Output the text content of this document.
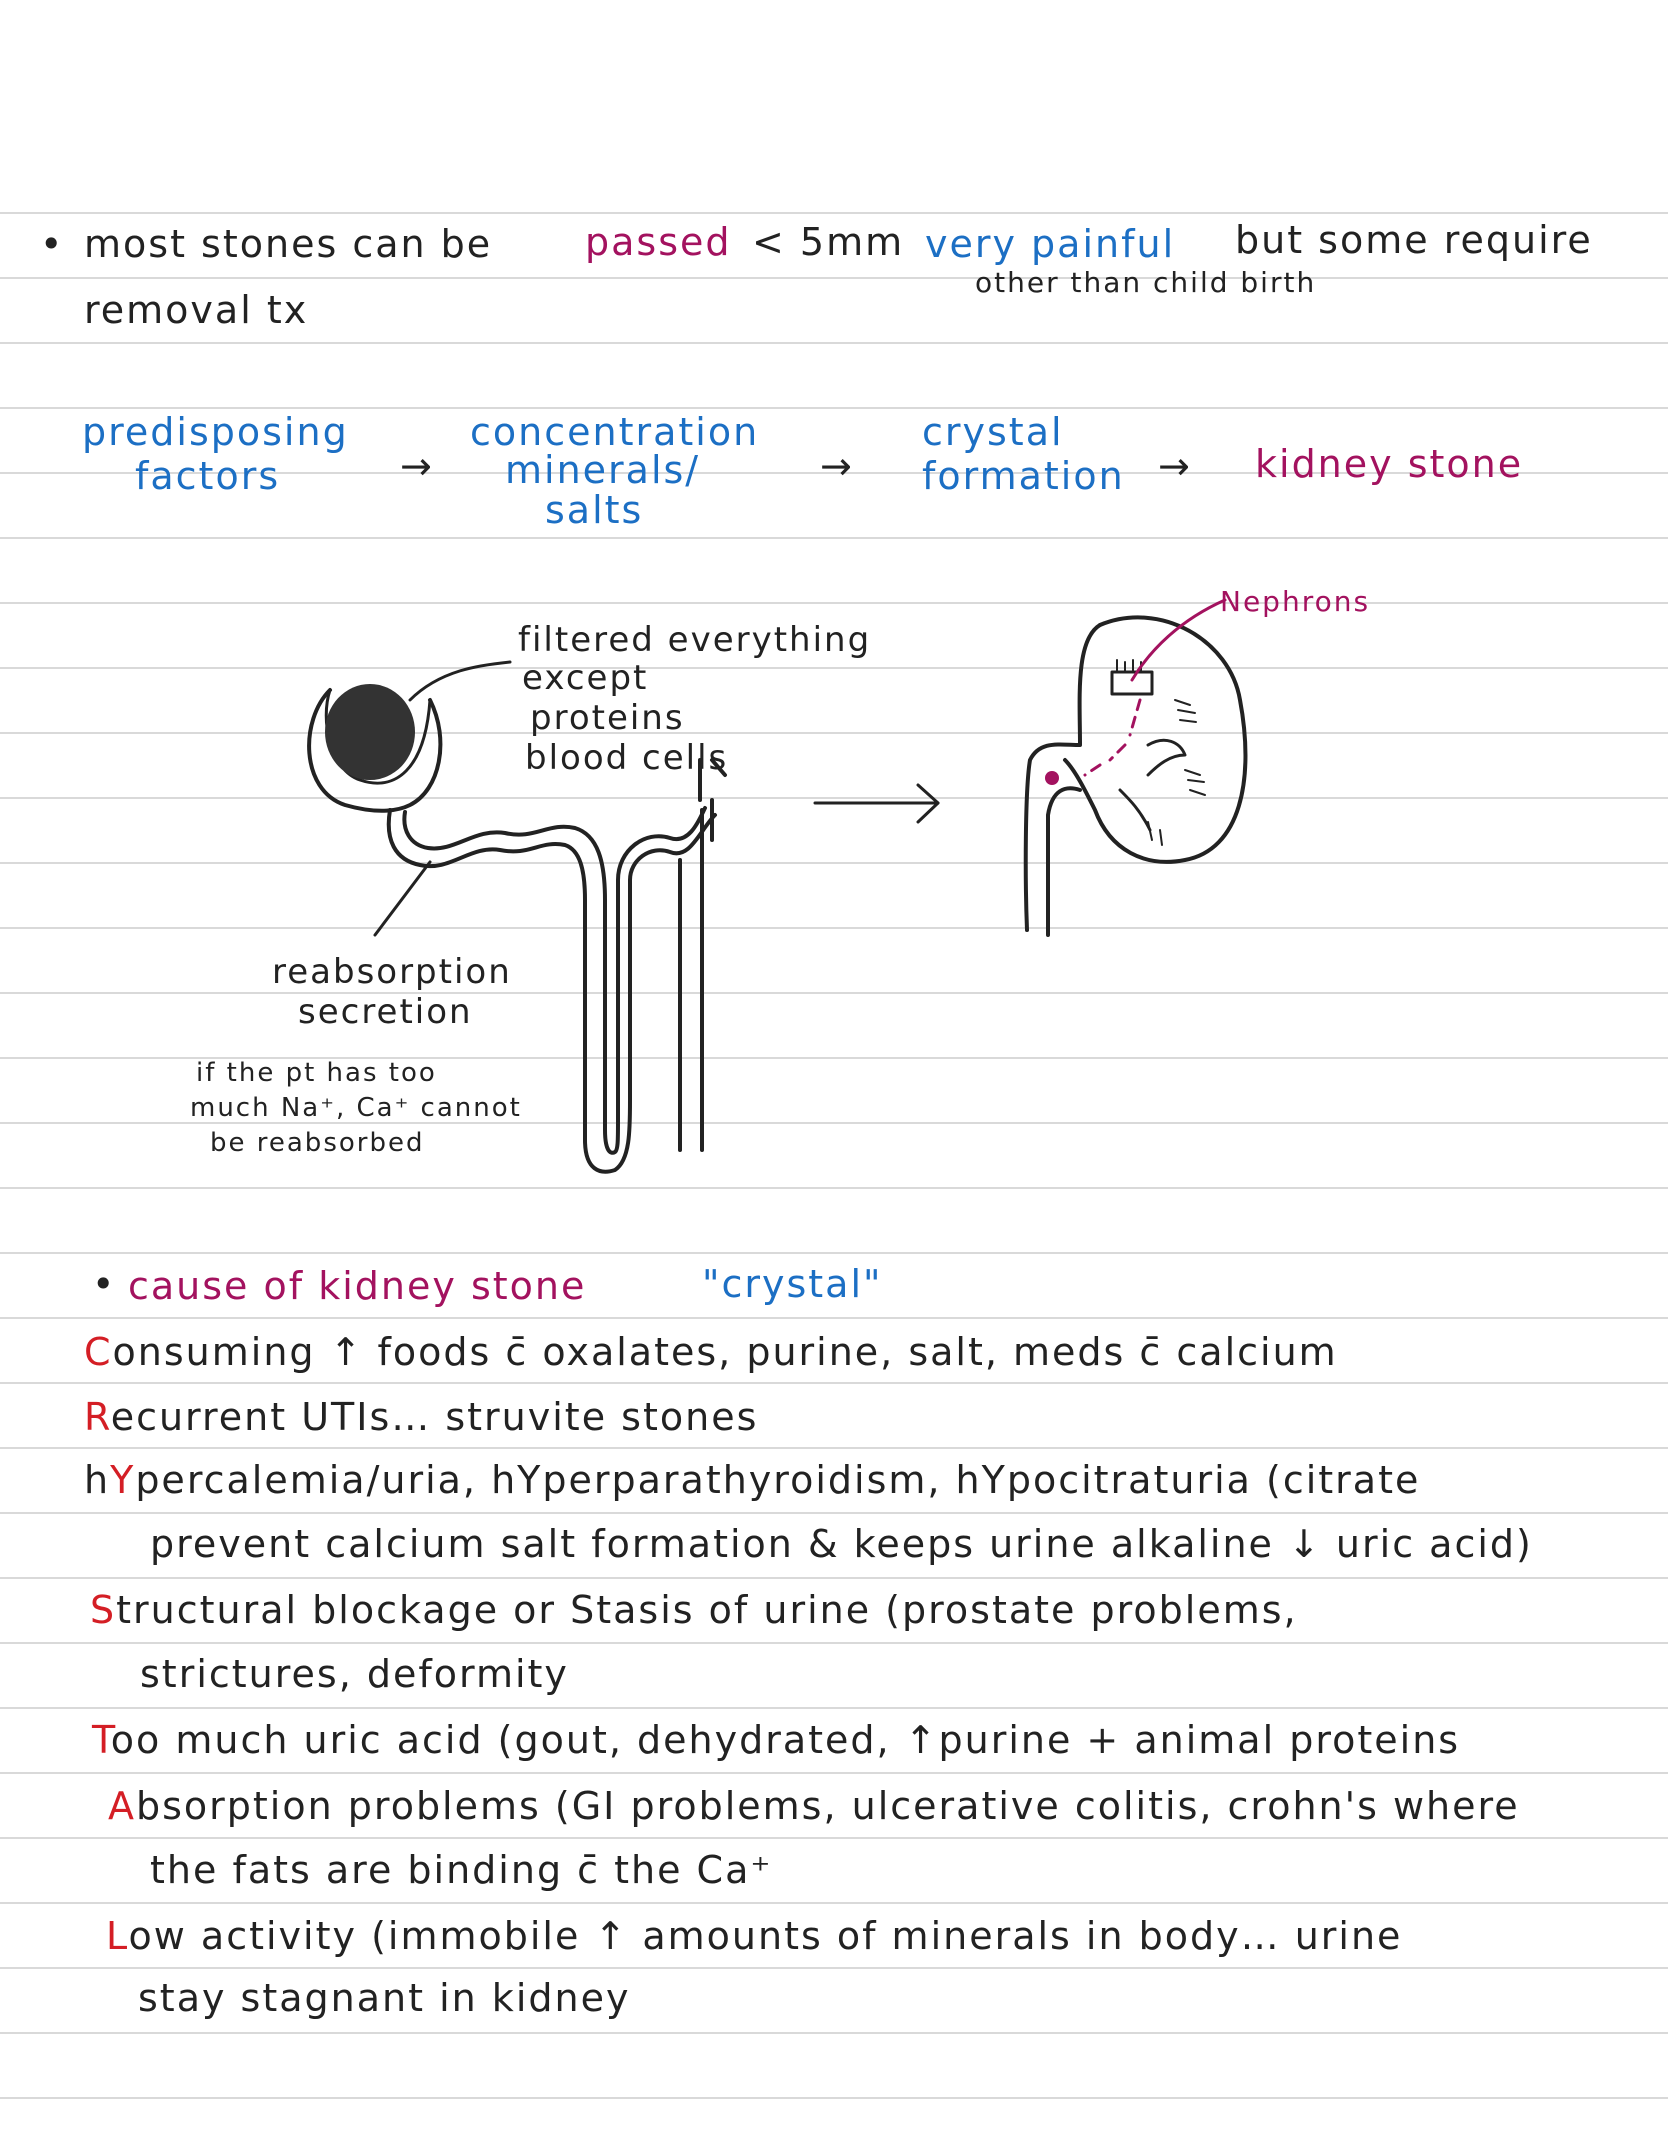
• most stones can be passed < 5mm very painful but some require
other than child birth
removal tx
predisposing
factors	→
concentration
minerals/
salts
→
crystal
formation → kidney stone
filtered everything
except
proteins
blood cells
Nephrons
reabsorption
secretion
if the pt has too
much Na⁺, Ca⁺ cannot
be reabsorbed
• cause of kidney stone	"crystal"
Consuming ↑ foods c̄ oxalates, purine, salt, meds c̄ calcium
Recurrent UTIs… struvite stones
hYpercalemia/uria, hYperparathyroidism, hYpocitraturia (citrate
prevent calcium salt formation & keeps urine alkaline ↓ uric acid)
Structural blockage or Stasis of urine (prostate problems,
strictures, deformity
Too much uric acid (gout, dehydrated, ↑purine + animal proteins
Absorption problems (GI problems, ulcerative colitis, crohn's where
the fats are binding c̄ the Ca⁺
Low activity (immobile ↑ amounts of minerals in body… urine
stay stagnant in kidney
